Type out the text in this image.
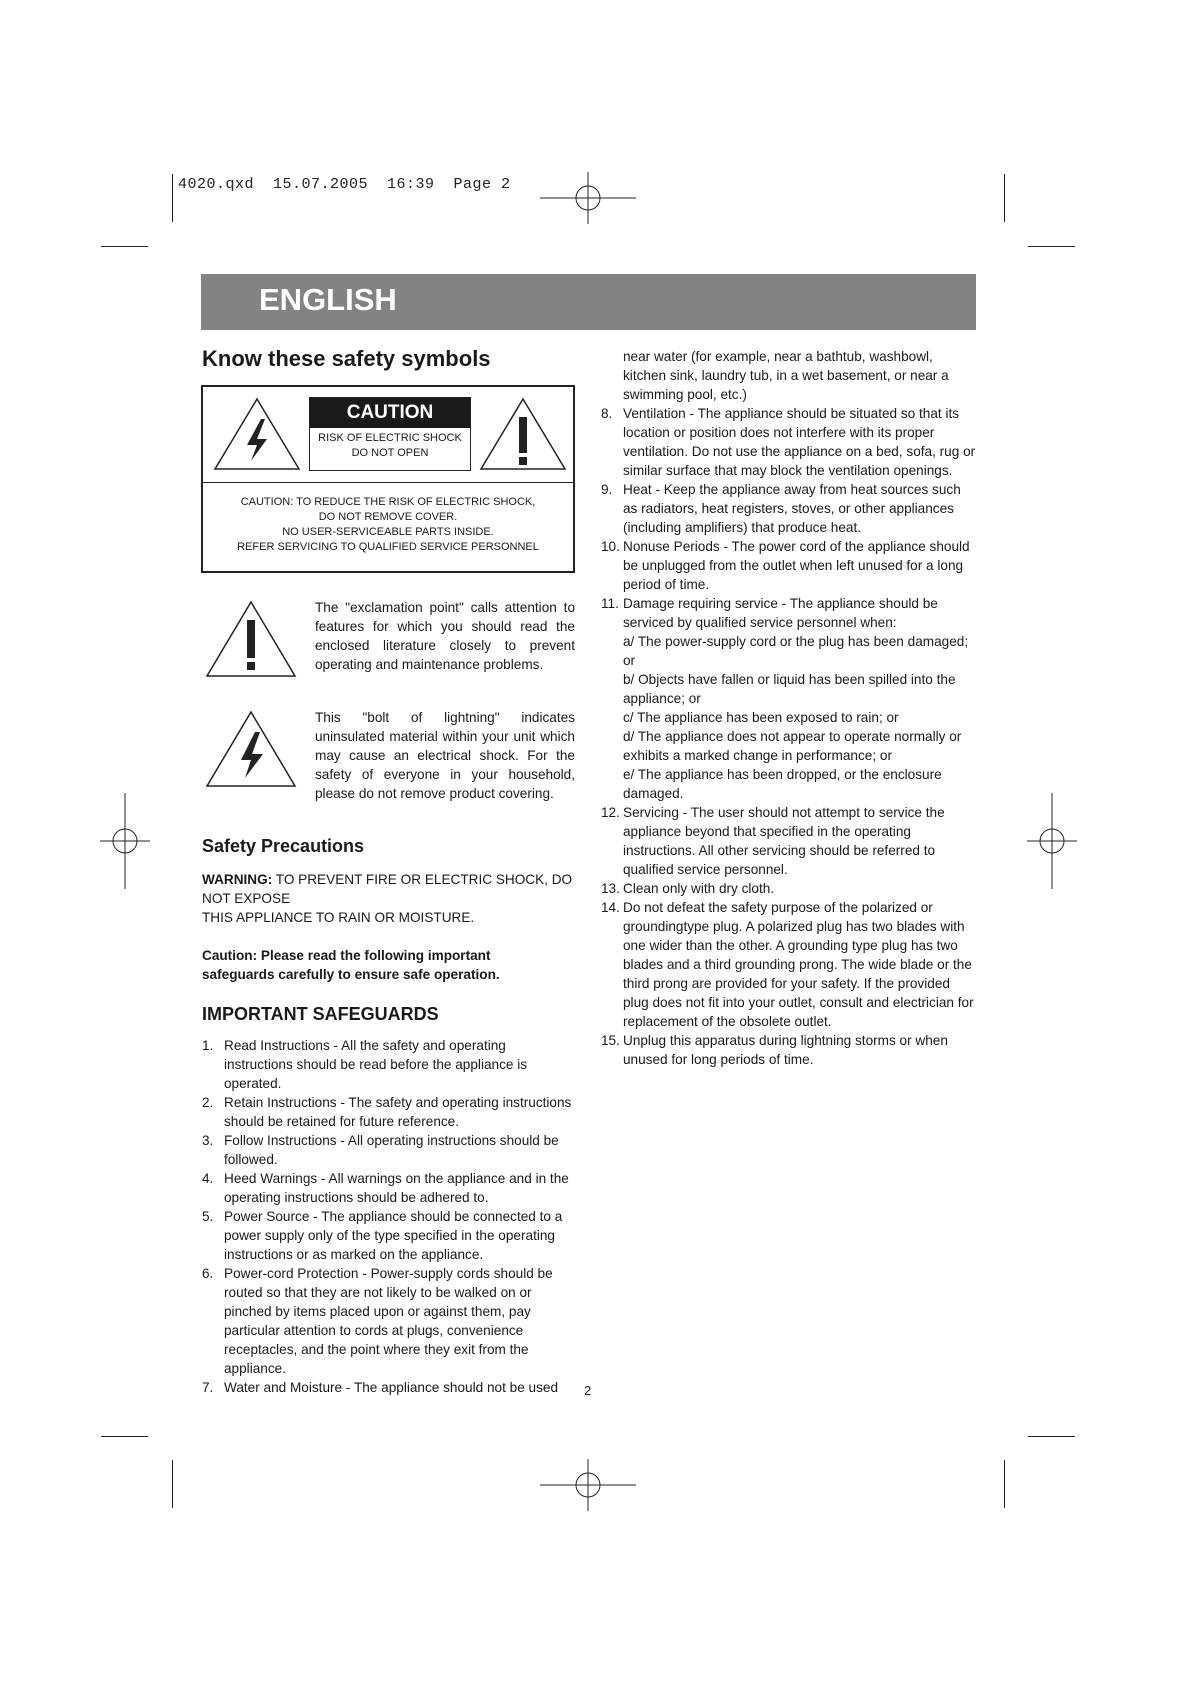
4020.qxd  15.07.2005  16:39  Page 2
ENGLISH
Know these safety symbols
CAUTION
RISK OF ELECTRIC SHOCK
DO NOT OPEN
CAUTION: TO REDUCE THE RISK OF ELECTRIC SHOCK,
DO NOT REMOVE COVER.
NO USER-SERVICEABLE PARTS INSIDE.
REFER SERVICING TO QUALIFIED SERVICE PERSONNEL
The "exclamation point" calls attention to features for which you should read the enclosed literature closely to prevent operating and maintenance problems.
This "bolt of lightning" indicates uninsulated material within your unit which may cause an electrical shock. For the safety of everyone in your household, please do not remove product covering.
Safety Precautions
WARNING: TO PREVENT FIRE OR ELECTRIC SHOCK, DO NOT EXPOSE
THIS APPLIANCE TO RAIN OR MOISTURE.
Caution: Please read the following important safeguards carefully to ensure safe operation.
IMPORTANT SAFEGUARDS
1. Read Instructions - All the safety and operating instructions should be read before the appliance is operated.
2. Retain Instructions - The safety and operating instructions should be retained for future reference.
3. Follow Instructions - All operating instructions should be followed.
4. Heed Warnings - All warnings on the appliance and in the operating instructions should be adhered to.
5. Power Source - The appliance should be connected to a power supply only of the type specified in the operating instructions or as marked on the appliance.
6. Power-cord Protection - Power-supply cords should be routed so that they are not likely to be walked on or pinched by items placed upon or against them, pay particular attention to cords at plugs, convenience receptacles, and the point where they exit from the appliance.
7. Water and Moisture - The appliance should not be used
near water (for example, near a bathtub, washbowl, kitchen sink, laundry tub, in a wet basement, or near a swimming pool, etc.)
8. Ventilation - The appliance should be situated so that its location or position does not interfere with its proper ventilation. Do not use the appliance on a bed, sofa, rug or similar surface that may block the ventilation openings.
9. Heat - Keep the appliance away from heat sources such as radiators, heat registers, stoves, or other appliances (including amplifiers) that produce heat.
10. Nonuse Periods - The power cord of the appliance should be unplugged from the outlet when left unused for a long period of time.
11. Damage requiring service - The appliance should be serviced by qualified service personnel when:
a/ The power-supply cord or the plug has been damaged; or
b/ Objects have fallen or liquid has been spilled into the appliance; or
c/ The appliance has been exposed to rain; or
d/ The appliance does not appear to operate normally or exhibits a marked change in performance; or
e/ The appliance has been dropped, or the enclosure damaged.
12. Servicing - The user should not attempt to service the appliance beyond that specified in the operating instructions. All other servicing should be referred to qualified service personnel.
13. Clean only with dry cloth.
14. Do not defeat the safety purpose of the polarized or groundingtype plug. A polarized plug has two blades with one wider than the other. A grounding type plug has two blades and a third grounding prong. The wide blade or the third prong are provided for your safety. If the provided plug does not fit into your outlet, consult and electrician for replacement of the obsolete outlet.
15. Unplug this apparatus during lightning storms or when unused for long periods of time.
2
